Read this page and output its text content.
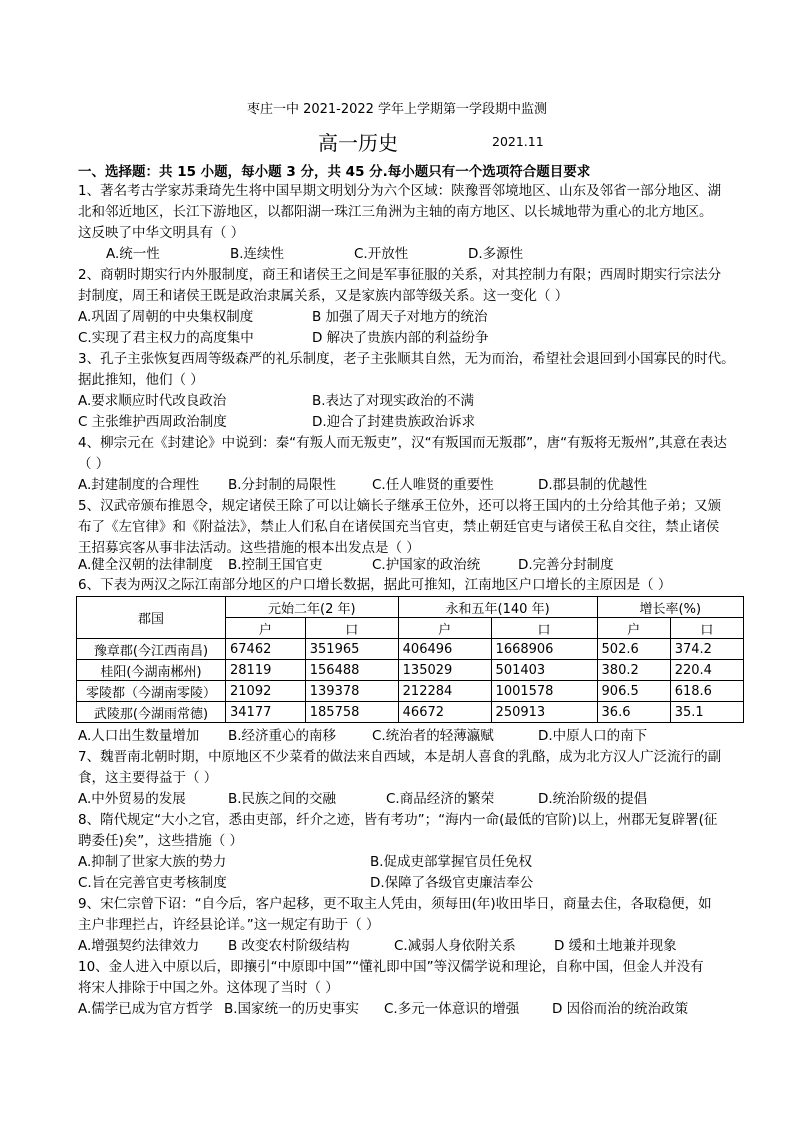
枣庄一中 2021-2022 学年上学期第一学段期中监测
高一历史	2021.11
一、选择题：共 15 小题，每小题 3 分，共 45 分.每小题只有一个选项符合题目要求
1、著名考古学家苏秉琦先生将中国早期文明划分为六个区域：陕豫晋邻境地区、山东及邻省一部分地区、湖
北和邻近地区，长江下游地区，以都阳湖一珠江三角洲为主轴的南方地区、以长城地带为重心的北方地区。
这反映了中华文明具有（ ）
A.统一性	B.连续性	C.开放性	D.多源性
2、商朝时期实行内外服制度，商王和诸侯王之间是军事征服的关系，对其控制力有限；西周时期实行宗法分
封制度，周王和诸侯王既是政治隶属关系，又是家族内部等级关系。这一变化（ ）
A.巩固了周朝的中央集权制度	B 加强了周天子对地方的统治
C.实现了君主权力的高度集中	D 解决了贵族内部的利益纷争
3、孔子主张恢复西周等级森严的礼乐制度，老子主张顺其自然，无为而治，希望社会退回到小国寡民的时代。
据此推知，他们（ ）
A.要求顺应时代改良政治	B.表达了对现实政治的不满
C 主张维护西周政治制度	D.迎合了封建贵族政治诉求
4、柳宗元在《封建论》中说到：秦“有叛人而无叛吏”，汉“有叛国而无叛郡”，唐“有叛将无叛州”,其意在表达
（ ）
A.封建制度的合理性 B.分封制的局限性	C.任人唯贤的重要性	D.郡县制的优越性
5、汉武帝颁布推恩令，规定诸侯王除了可以让嫡长子继承王位外，还可以将王国内的土分给其他子弟；又颁
布了《左官律》和《附益法》，禁止人们私自在诸侯国充当官吏，禁止朝廷官吏与诸侯王私自交往，禁止诸侯
王招募宾客从事非法活动。这些措施的根本出发点是（ ）
A.健全汉朝的法律制度 B.控制王国官吏	C.护国家的政治统	D.完善分封制度
6、下表为两汉之际江南部分地区的户口增长数据，据此可推知，江南地区户口增长的主原因是（ ）
郡国	元始二年(2 年)		永和五年(140 年)		增长率(%)	
	户	口	户	口	户	口
豫章郡(今江西南昌)	67462	351965	406496	1668906	502.6	374.2
桂阳(今湖南郴州)	28119	156488	135029	501403	380.2	220.4
零陵都（今湖南零陵）	21092	139378	212284	1001578	906.5	618.6
武陵那(今湖雨常德)	34177	185758	46672	250913	36.6	35.1
A.人口出生数量增加 B.经济重心的南移	C.统治者的轻薄瀛赋	D.中原人口的南下
7、魏晋南北朝时期，中原地区不少菜肴的做法来自西域，本是胡人喜食的乳酪，成为北方汉人广泛流行的副
食，这主要得益于（ ）
A.中外贸易的发展	B.民族之间的交融	C.商品经济的繁荣	D.统治阶级的提倡
8、隋代规定“大小之官，悉由吏部，纤介之迹，皆有考功”；“海内一命(最低的官阶)以上，州郡无复辟署(征
聘委任)矣”，这些措施（ ）
A.抑制了世家大族的势力	B.促成吏部掌握官员任免权
C.旨在完善官吏考核制度	D.保障了各级官吏廉洁奉公
9、宋仁宗曾下诏：“自今后，客户起移，更不取主人凭由，须每田(年)收田毕日，商量去住，各取稳便，如
主户非理拦占，许经县论详。”这一规定有助于（ ）
A.增强契约法律效力 B 改变农村阶级结构	C.减弱人身依附关系	D 缓和土地兼并现象
10、金人进入中原以后，即攘引“中原即中国”“懂礼即中国”等汉儒学说和理论，自称中国，但金人并没有
将宋人排除于中国之外。这体现了当时（ ）
A.儒学已成为官方哲学 B.国家统一的历史事实 C.多元一体意识的增强 D 因俗而治的统治政策
